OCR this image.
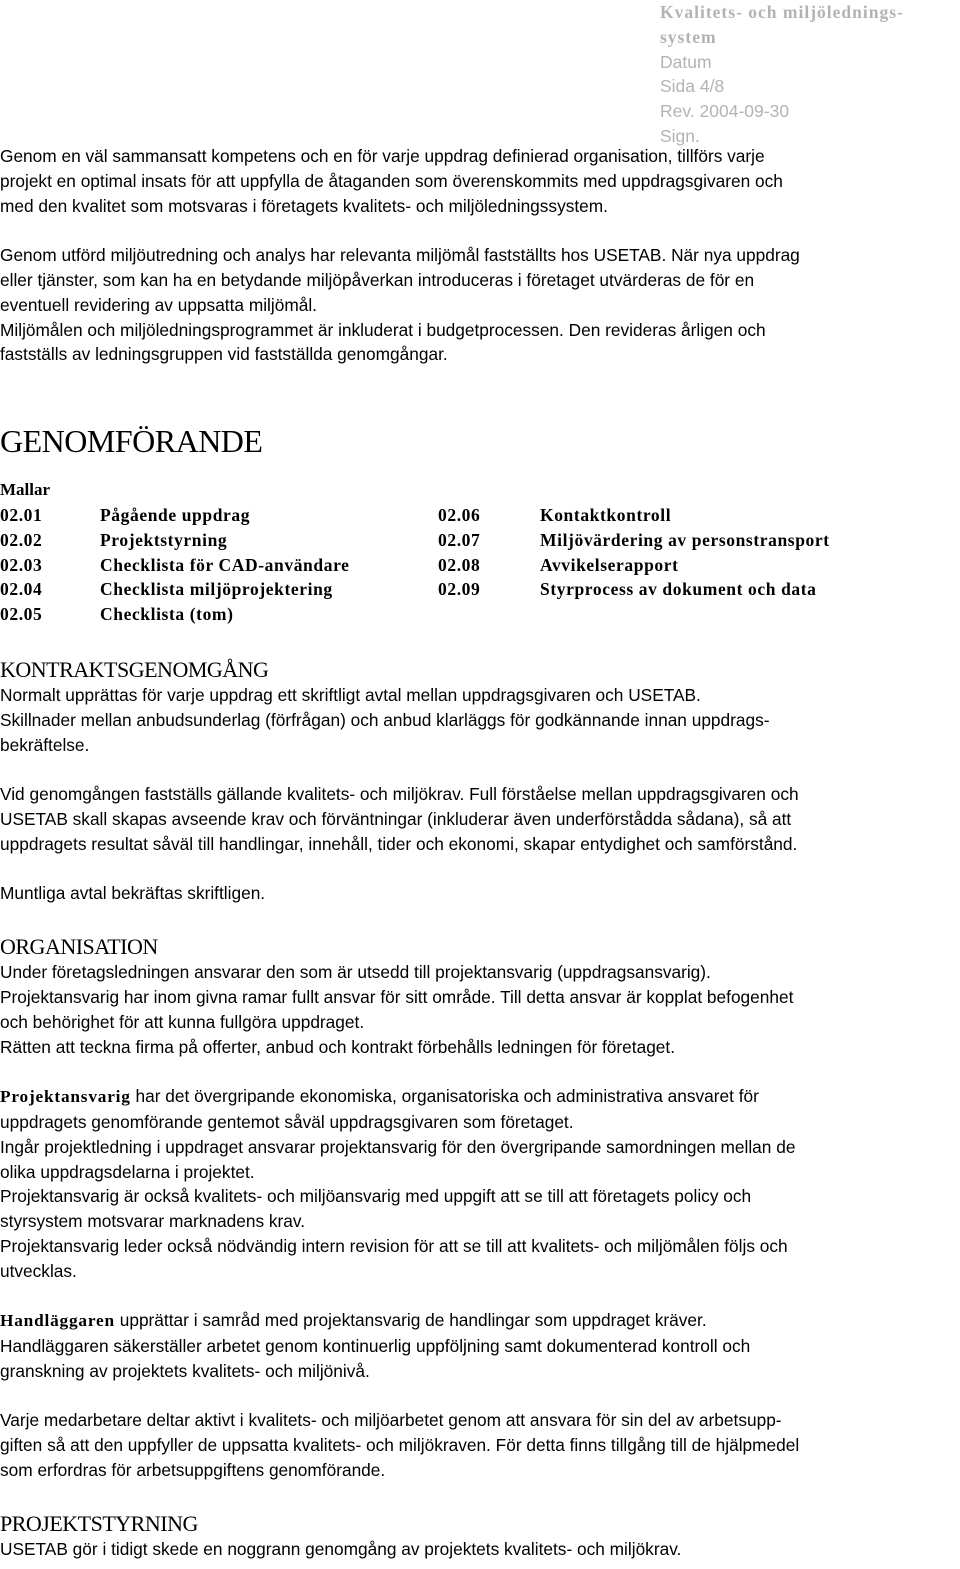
Kvalitets- och miljölednings-
system
Datum
Sida 4/8
Rev. 2004-09-30
Sign.

Genom en väl sammansatt kompetens och en för varje uppdrag definierad organisation, tillförs varje
projekt en optimal insats för att uppfylla de åtaganden som överenskommits med uppdragsgivaren och
med den kvalitet som motsvaras i företagets kvalitets- och miljöledningssystem.

Genom utförd miljöutredning och analys har relevanta miljömål fastställts hos USETAB. När nya uppdrag
eller tjänster, som kan ha en betydande miljöpåverkan introduceras i företaget utvärderas de för en
eventuell revidering av uppsatta miljömål.
Miljömålen och miljöledningsprogrammet är inkluderat i budgetprocessen. Den revideras årligen och
fastställs av ledningsgruppen vid fastställda genomgångar.

GENOMFÖRANDE
Mallar
02.01	Pågående uppdrag	02.06	Kontaktkontroll
02.02	Projektstyrning	02.07	Miljövärdering av personstransport
02.03	Checklista för CAD-användare	02.08	Avvikelserapport
02.04	Checklista miljöprojektering	02.09	Styrprocess av dokument och data
02.05	Checklista (tom)
KONTRAKTSGENOMGÅNG

Normalt upprättas för varje uppdrag ett skriftligt avtal mellan uppdragsgivaren och USETAB.
Skillnader mellan anbudsunderlag (förfrågan) och anbud klarläggs för godkännande innan uppdrags-
bekräftelse.

Vid genomgången fastställs gällande kvalitets- och miljökrav. Full förståelse mellan uppdragsgivaren och
USETAB skall skapas avseende krav och förväntningar (inkluderar även underförstådda sådana), så att
uppdragets resultat såväl till handlingar, innehåll, tider och ekonomi, skapar entydighet och samförstånd.

Muntliga avtal bekräftas skriftligen.

ORGANISATION

Under företagsledningen ansvarar den som är utsedd till projektansvarig (uppdragsansvarig).
Projektansvarig har inom givna ramar fullt ansvar för sitt område. Till detta ansvar är kopplat befogenhet
och behörighet för att kunna fullgöra uppdraget.
Rätten att teckna firma på offerter, anbud och kontrakt förbehålls ledningen för företaget.

Projektansvarig har det övergripande ekonomiska, organisatoriska och administrativa ansvaret för
uppdragets genomförande gentemot såväl uppdragsgivaren som företaget.
Ingår projektledning i uppdraget ansvarar projektansvarig för den övergripande samordningen mellan de
olika uppdragsdelarna i projektet.
Projektansvarig är också kvalitets- och miljöansvarig med uppgift att se till att företagets policy och
styrsystem motsvarar marknadens krav.
Projektansvarig leder också nödvändig intern revision för att se till att kvalitets- och miljömålen följs och
utvecklas.

Handläggaren upprättar i samråd med projektansvarig de handlingar som uppdraget kräver.
Handläggaren säkerställer arbetet genom kontinuerlig uppföljning samt dokumenterad kontroll och
granskning av projektets kvalitets- och miljönivå.

Varje medarbetare deltar aktivt i kvalitets- och miljöarbetet genom att ansvara för sin del av arbetsupp-
giften så att den uppfyller de uppsatta kvalitets- och miljökraven. För detta finns tillgång till de hjälpmedel
som erfordras för arbetsuppgiftens genomförande.

PROJEKTSTYRNING

USETAB gör i tidigt skede en noggrann genomgång av projektets kvalitets- och miljökrav.
